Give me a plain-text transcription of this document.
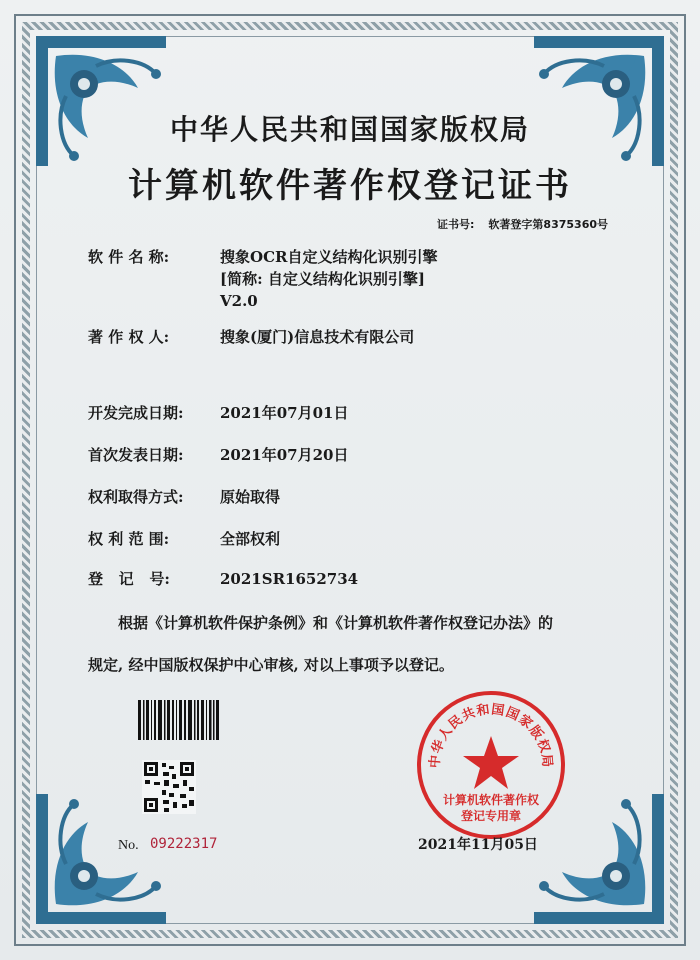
中华人民共和国国家版权局
计算机软件著作权登记证书
证书号: 软著登字第8375360号
软 件 名 称:	搜象OCR自定义结构化识别引擎
[简称: 自定义结构化识别引擎]
V2.0
著 作 权 人:	搜象(厦门)信息技术有限公司
开发完成日期:	2021年07月01日
首次发表日期:	2021年07月20日
权利取得方式:	原始取得
权 利 范 围:	全部权利
登   记   号:	2021SR1652734
根据《计算机软件保护条例》和《计算机软件著作权登记办法》的
规定, 经中国版权保护中心审核, 对以上事项予以登记。
No. 09222317
中华人民共和国国家版权局
计算机软件著作权
登记专用章
2021年11月05日
